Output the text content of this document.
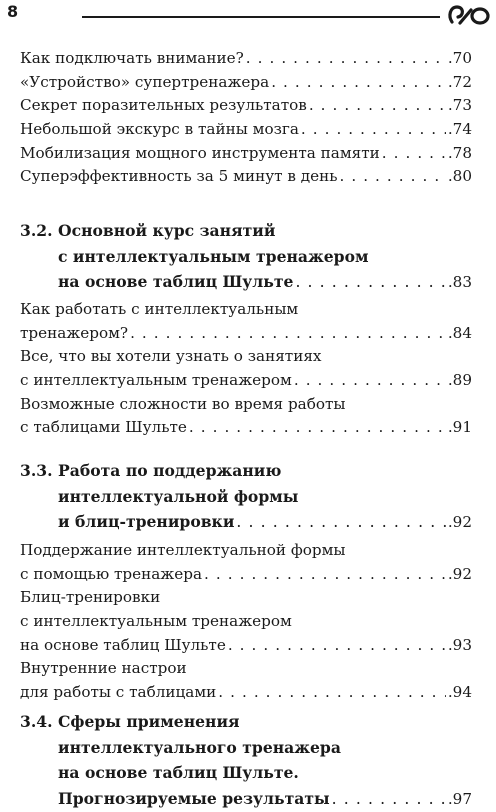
8
Как подключать внимание? . . .	.70
«Устройство» супертренажера . . .	.72
Секрет поразительных результатов . . .	.73
Небольшой экскурс в тайны мозга . . .	.74
Мобилизация мощного инструмента памяти . . .	.78
Суперэффективность за 5 минут в день . . .	.80
3.2. Основной курс занятий
с интеллектуальным тренажером
на основе таблиц Шульте . . .	.83
Как работать с интеллектуальным
тренажером? . . .	.84
Все, что вы хотели узнать о занятиях
с интеллектуальным тренажером . . .	.89
Возможные сложности во время работы
с таблицами Шульте . . .	.91
3.3. Работа по поддержанию
интеллектуальной формы
и блиц-тренировки . . .	.92
Поддержание интеллектуальной формы
с помощью тренажера . . .	.92
Блиц-тренировки
с интеллектуальным тренажером
на основе таблиц Шульте . . .	.93
Внутренние настрои
для работы с таблицами . . .	.94
3.4. Сферы применения
интеллектуального тренажера
на основе таблиц Шульте.
Прогнозируемые результаты . . .	.97
